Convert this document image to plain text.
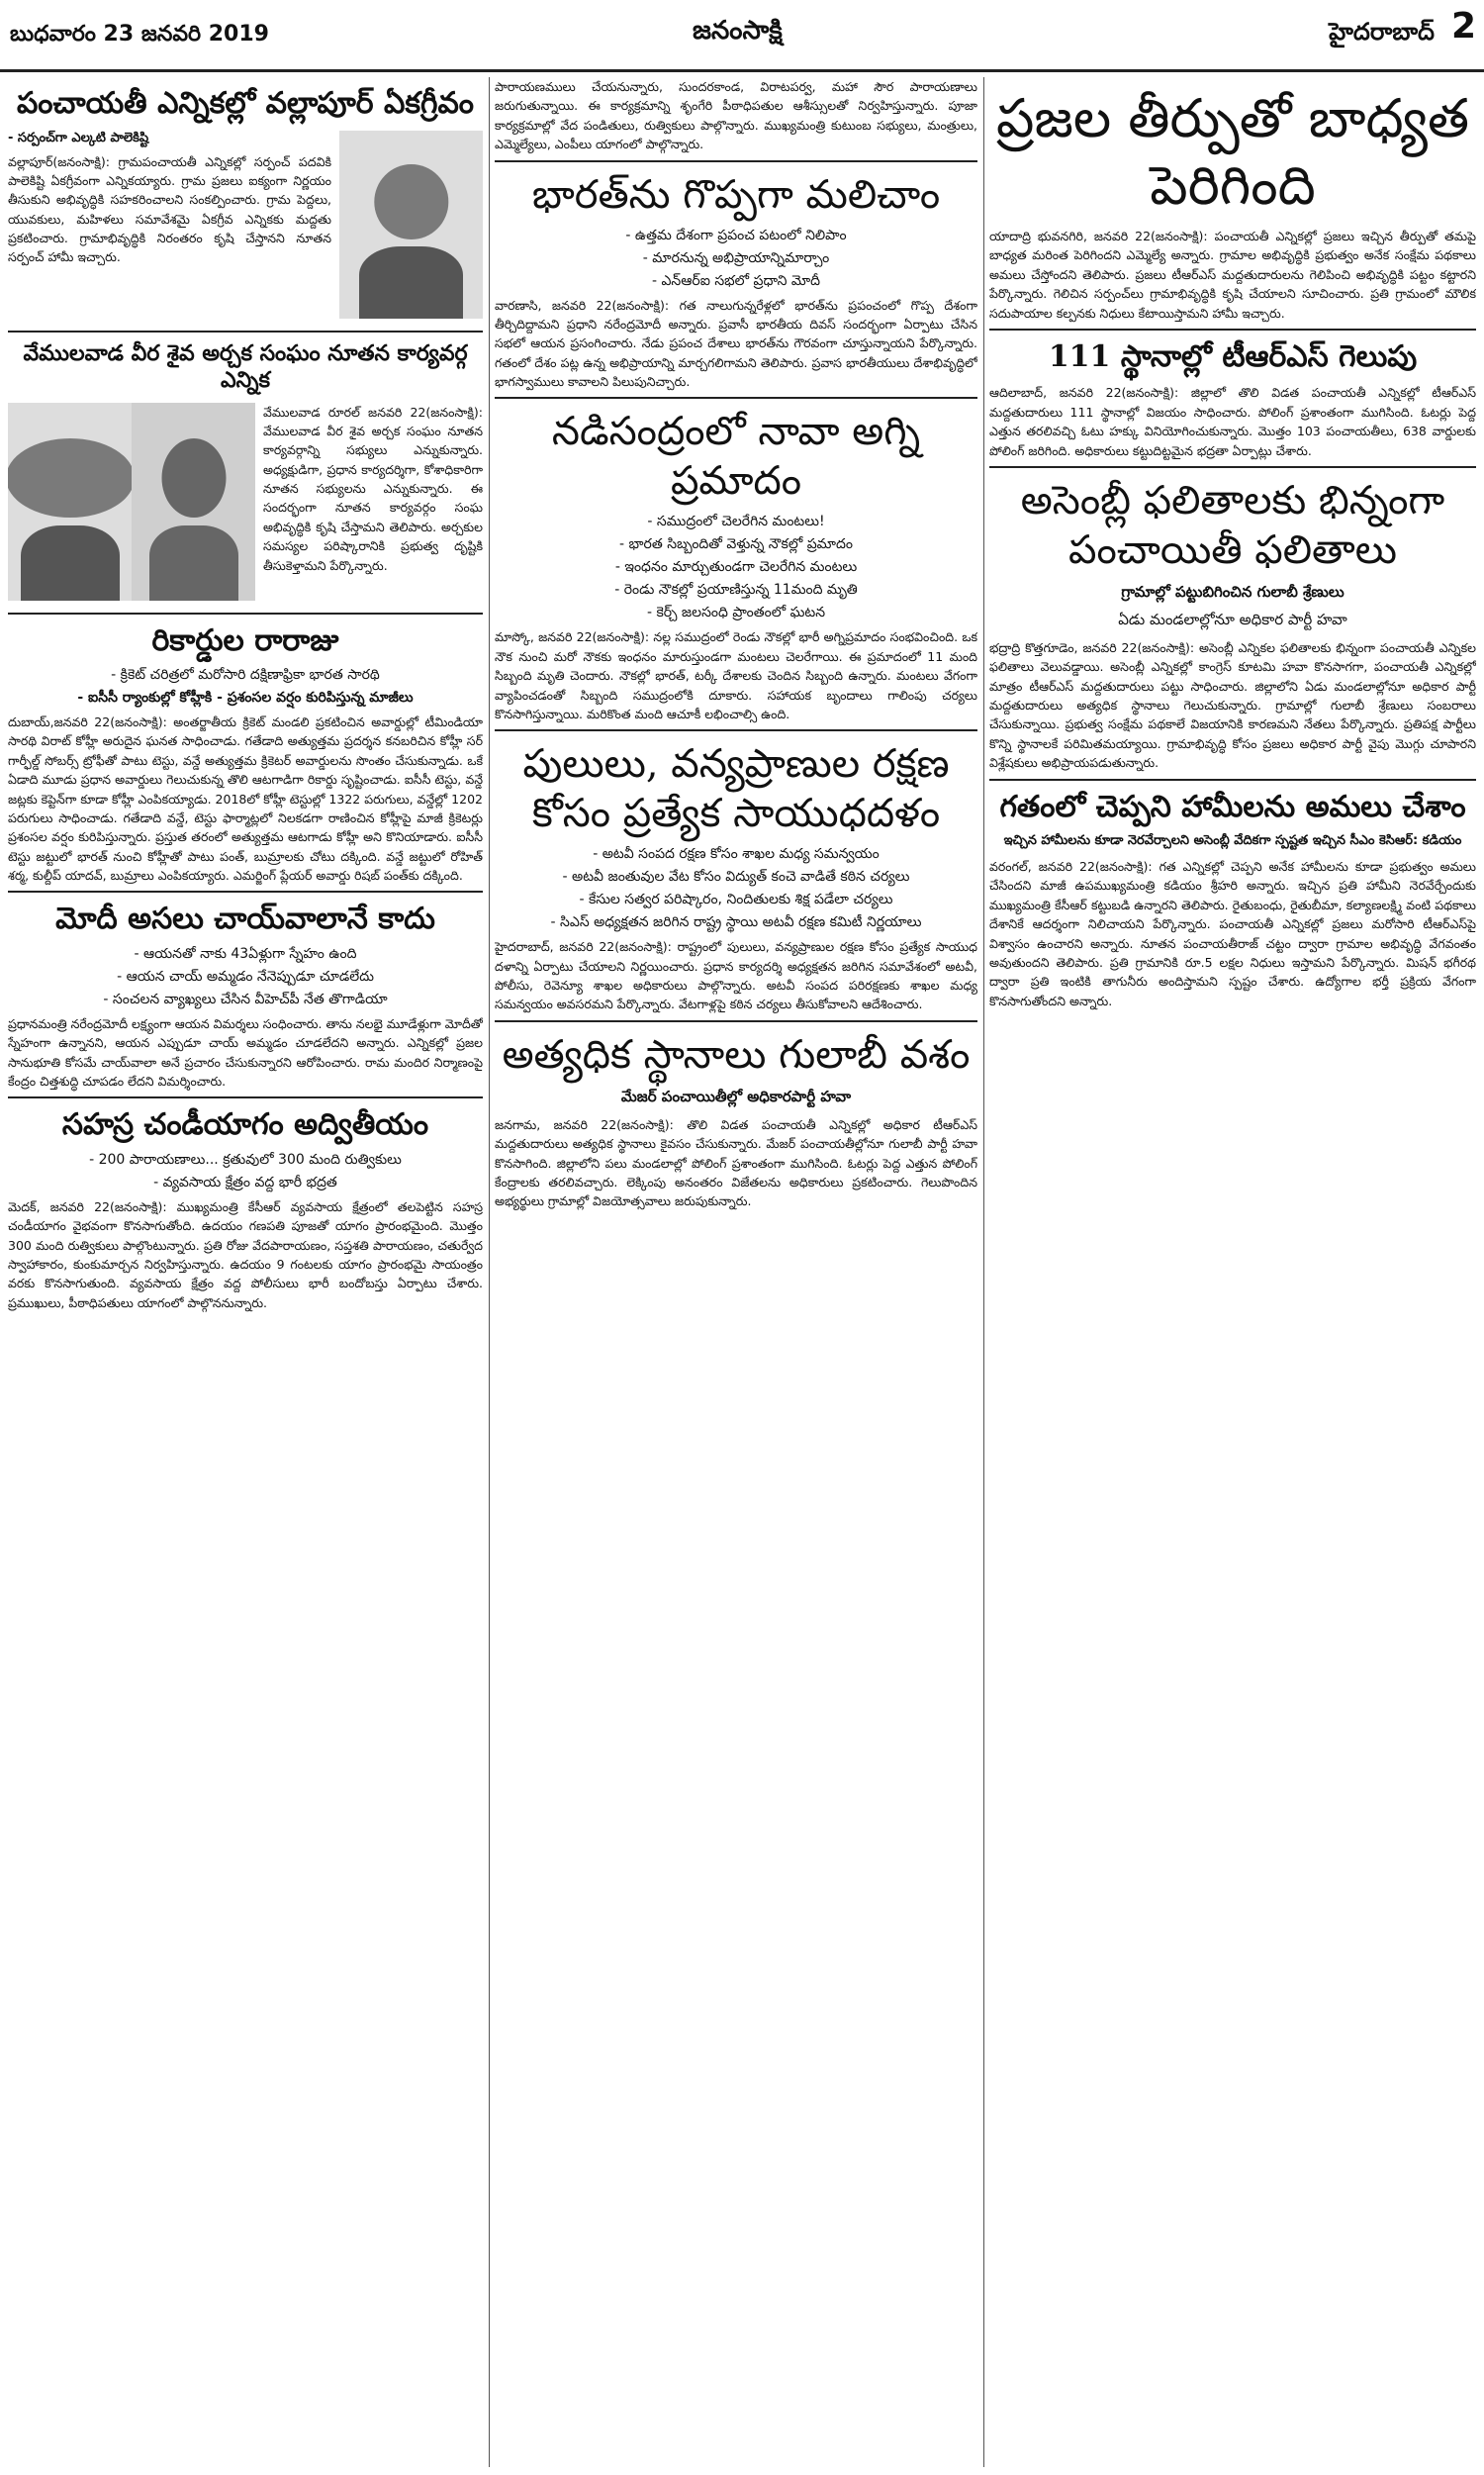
బుధవారం 23 జనవరి 2019	జనంసాక్షి	హైదరాబాద్ 2
పంచాయతీ ఎన్నికల్లో వల్లాపూర్ ఏకగ్రీవం
- సర్పంచ్‌గా ఎల్కటి పాలెకిష్టి

వల్లాపూర్(జనంసాక్షి): గ్రామపంచాయతీ ఎన్నికల్లో సర్పంచ్ పదవికి పాలెకిష్టి ఏకగ్రీవంగా ఎన్నికయ్యారు. గ్రామ ప్రజలు ఐక్యంగా నిర్ణయం తీసుకుని అభివృద్ధికి సహకరించాలని సంకల్పించారు. గ్రామ పెద్దలు, యువకులు, మహిళలు సమావేశమై ఏకగ్రీవ ఎన్నికకు మద్దతు ప్రకటించారు. గ్రామాభివృద్ధికి నిరంతరం కృషి చేస్తానని నూతన సర్పంచ్ హామీ ఇచ్చారు.

వేములవాడ వీర శైవ అర్చక సంఘం నూతన కార్యవర్గ ఎన్నిక

వేములవాడ రూరల్ జనవరి 22(జనంసాక్షి): వేములవాడ వీర శైవ అర్చక సంఘం నూతన కార్యవర్గాన్ని సభ్యులు ఎన్నుకున్నారు. అధ్యక్షుడిగా, ప్రధాన కార్యదర్శిగా, కోశాధికారిగా నూతన సభ్యులను ఎన్నుకున్నారు. ఈ సందర్భంగా నూతన కార్యవర్గం సంఘ అభివృద్ధికి కృషి చేస్తామని తెలిపారు. అర్చకుల సమస్యల పరిష్కారానికి ప్రభుత్వ దృష్టికి తీసుకెళ్తామని పేర్కొన్నారు.

రికార్డుల రారాజు
- క్రికెట్ చరిత్రలో మరోసారి దక్షిణాఫ్రికా భారత సారథి
- ఐసీసీ ర్యాంకుల్లో కోహ్లీకి - ప్రశంసల వర్షం కురిపిస్తున్న మాజీలు

దుబాయ్,జనవరి 22(జనంసాక్షి): అంతర్జాతీయ క్రికెట్ మండలి ప్రకటించిన అవార్డుల్లో టీమిండియా సారథి విరాట్ కోహ్లీ అరుదైన ఘనత సాధించాడు. గతేడాది అత్యుత్తమ ప్రదర్శన కనబరిచిన కోహ్లీ సర్ గార్ఫీల్డ్ సోబర్స్ ట్రోఫీతో పాటు టెస్టు, వన్డే అత్యుత్తమ క్రికెటర్ అవార్డులను సొంతం చేసుకున్నాడు. ఒకే ఏడాది మూడు ప్రధాన అవార్డులు గెలుచుకున్న తొలి ఆటగాడిగా రికార్డు సృష్టించాడు. ఐసీసీ టెస్టు, వన్డే జట్లకు కెప్టెన్‌గా కూడా కోహ్లీ ఎంపికయ్యాడు. 2018లో కోహ్లీ టెస్టుల్లో 1322 పరుగులు, వన్డేల్లో 1202 పరుగులు సాధించాడు. గతేడాది వన్డే, టెస్టు ఫార్మాట్లలో నిలకడగా రాణించిన కోహ్లీపై మాజీ క్రికెటర్లు ప్రశంసల వర్షం కురిపిస్తున్నారు. ప్రస్తుత తరంలో అత్యుత్తమ ఆటగాడు కోహ్లీ అని కొనియాడారు. ఐసీసీ టెస్టు జట్టులో భారత్ నుంచి కోహ్లీతో పాటు పంత్, బుమ్రాలకు చోటు దక్కింది. వన్డే జట్టులో రోహిత్ శర్మ, కుల్దీప్ యాదవ్, బుమ్రాలు ఎంపికయ్యారు. ఎమర్జింగ్ ప్లేయర్ అవార్డు రిషబ్ పంత్‌కు దక్కింది.

మోదీ అసలు చాయ్‌వాలానే కాదు
- ఆయనతో నాకు 43ఏళ్లుగా స్నేహం ఉంది
- ఆయన చాయ్ అమ్మడం నేనెప్పుడూ చూడలేదు
- సంచలన వ్యాఖ్యలు చేసిన వీహెచ్‌పీ నేత తొగాడియా

ప్రధానమంత్రి నరేంద్రమోదీ లక్ష్యంగా ఆయన విమర్శలు సంధించారు. తాను నలభై మూడేళ్లుగా మోదీతో స్నేహంగా ఉన్నానని, ఆయన ఎప్పుడూ చాయ్ అమ్మడం చూడలేదని అన్నారు. ఎన్నికల్లో ప్రజల సానుభూతి కోసమే చాయ్‌వాలా అనే ప్రచారం చేసుకున్నారని ఆరోపించారు. రామ మందిర నిర్మాణంపై కేంద్రం చిత్తశుద్ధి చూపడం లేదని విమర్శించారు.

సహస్ర చండీయాగం అద్వితీయం
- 200 పారాయణాలు... క్రతువులో 300 మంది రుత్వికులు
- వ్యవసాయ క్షేత్రం వద్ద భారీ భద్రత

మెదక్, జనవరి 22(జనంసాక్షి): ముఖ్యమంత్రి కేసీఆర్ వ్యవసాయ క్షేత్రంలో తలపెట్టిన సహస్ర చండీయాగం వైభవంగా కొనసాగుతోంది. ఉదయం గణపతి పూజతో యాగం ప్రారంభమైంది. మొత్తం 300 మంది రుత్వికులు పాల్గొంటున్నారు. ప్రతి రోజు వేదపారాయణం, సప్తశతి పారాయణం, చతుర్వేద స్వాహాకారం, కుంకుమార్చన నిర్వహిస్తున్నారు. ఉదయం 9 గంటలకు యాగం ప్రారంభమై సాయంత్రం వరకు కొనసాగుతుంది. వ్యవసాయ క్షేత్రం వద్ద పోలీసులు భారీ బందోబస్తు ఏర్పాటు చేశారు. ప్రముఖులు, పీఠాధిపతులు యాగంలో పాల్గొననున్నారు.

పారాయణములు చేయనున్నారు, సుందరకాండ, విరాటపర్వ, మహా సౌర పారాయణాలు జరుగుతున్నాయి. ఈ కార్యక్రమాన్ని శృంగేరి పీఠాధిపతుల ఆశీస్సులతో నిర్వహిస్తున్నారు. పూజా కార్యక్రమాల్లో వేద పండితులు, రుత్వికులు పాల్గొన్నారు. ముఖ్యమంత్రి కుటుంబ సభ్యులు, మంత్రులు, ఎమ్మెల్యేలు, ఎంపీలు యాగంలో పాల్గొన్నారు.

భారత్‌ను గొప్పగా మలిచాం
- ఉత్తమ దేశంగా ప్రపంచ పటంలో నిలిపాం
- మారనున్న అభిప్రాయాన్నిమార్చాం
- ఎన్‌ఆర్‌ఐ సభలో ప్రధాని మోదీ

వారణాసి, జనవరి 22(జనంసాక్షి): గత నాలుగున్నరేళ్లలో భారత్‌ను ప్రపంచంలో గొప్ప దేశంగా తీర్చిదిద్దామని ప్రధాని నరేంద్రమోదీ అన్నారు. ప్రవాసీ భారతీయ దివస్ సందర్భంగా ఏర్పాటు చేసిన సభలో ఆయన ప్రసంగించారు. నేడు ప్రపంచ దేశాలు భారత్‌ను గౌరవంగా చూస్తున్నాయని పేర్కొన్నారు. గతంలో దేశం పట్ల ఉన్న అభిప్రాయాన్ని మార్చగలిగామని తెలిపారు. ప్రవాస భారతీయులు దేశాభివృద్ధిలో భాగస్వాములు కావాలని పిలుపునిచ్చారు.

నడిసంద్రంలో నావా అగ్ని ప్రమాదం
- సముద్రంలో చెలరేగిన మంటలు!
- భారత సిబ్బందితో వెళ్తున్న నౌకల్లో ప్రమాదం
- ఇంధనం మార్చుతుండగా చెలరేగిన మంటలు
- రెండు నౌకల్లో ప్రయాణిస్తున్న 11మంది మృతి
- కెర్చ్ జలసంధి ప్రాంతంలో ఘటన

మాస్కో, జనవరి 22(జనంసాక్షి): నల్ల సముద్రంలో రెండు నౌకల్లో భారీ అగ్నిప్రమాదం సంభవించింది. ఒక నౌక నుంచి మరో నౌకకు ఇంధనం మారుస్తుండగా మంటలు చెలరేగాయి. ఈ ప్రమాదంలో 11 మంది సిబ్బంది మృతి చెందారు. నౌకల్లో భారత్, టర్కీ దేశాలకు చెందిన సిబ్బంది ఉన్నారు. మంటలు వేగంగా వ్యాపించడంతో సిబ్బంది సముద్రంలోకి దూకారు. సహాయక బృందాలు గాలింపు చర్యలు కొనసాగిస్తున్నాయి. మరికొంత మంది ఆచూకీ లభించాల్సి ఉంది.

పులులు, వన్యప్రాణుల రక్షణ కోసం ప్రత్యేక సాయుధదళం
- అటవీ సంపద రక్షణ కోసం శాఖల మధ్య సమన్వయం
- అటవీ జంతువుల వేట కోసం విద్యుత్ కంచె వాడితే కఠిన చర్యలు
- కేసుల సత్వర పరిష్కారం, నిందితులకు శిక్ష పడేలా చర్యలు
- సిఎస్ అధ్యక్షతన జరిగిన రాష్ట్ర స్థాయి అటవీ రక్షణ కమిటీ నిర్ణయాలు

హైదరాబాద్, జనవరి 22(జనంసాక్షి): రాష్ట్రంలో పులులు, వన్యప్రాణుల రక్షణ కోసం ప్రత్యేక సాయుధ దళాన్ని ఏర్పాటు చేయాలని నిర్ణయించారు. ప్రధాన కార్యదర్శి అధ్యక్షతన జరిగిన సమావేశంలో అటవీ, పోలీసు, రెవెన్యూ శాఖల అధికారులు పాల్గొన్నారు. అటవీ సంపద పరిరక్షణకు శాఖల మధ్య సమన్వయం అవసరమని పేర్కొన్నారు. వేటగాళ్లపై కఠిన చర్యలు తీసుకోవాలని ఆదేశించారు.

అత్యధిక స్థానాలు గులాబీ వశం
మేజర్ పంచాయితీల్లో అధికారపార్టీ హవా

జనగామ, జనవరి 22(జనంసాక్షి): తొలి విడత పంచాయతీ ఎన్నికల్లో అధికార టీఆర్‌ఎస్ మద్దతుదారులు అత్యధిక స్థానాలు కైవసం చేసుకున్నారు. మేజర్ పంచాయతీల్లోనూ గులాబీ పార్టీ హవా కొనసాగింది. జిల్లాలోని పలు మండలాల్లో పోలింగ్ ప్రశాంతంగా ముగిసింది. ఓటర్లు పెద్ద ఎత్తున పోలింగ్ కేంద్రాలకు తరలివచ్చారు. లెక్కింపు అనంతరం విజేతలను అధికారులు ప్రకటించారు. గెలుపొందిన అభ్యర్థులు గ్రామాల్లో విజయోత్సవాలు జరుపుకున్నారు.

ప్రజల తీర్పుతో బాధ్యత పెరిగింది

యాదాద్రి భువనగిరి, జనవరి 22(జనంసాక్షి): పంచాయతీ ఎన్నికల్లో ప్రజలు ఇచ్చిన తీర్పుతో తమపై బాధ్యత మరింత పెరిగిందని ఎమ్మెల్యే అన్నారు. గ్రామాల అభివృద్ధికి ప్రభుత్వం అనేక సంక్షేమ పథకాలు అమలు చేస్తోందని తెలిపారు. ప్రజలు టీఆర్‌ఎస్ మద్దతుదారులను గెలిపించి అభివృద్ధికి పట్టం కట్టారని పేర్కొన్నారు. గెలిచిన సర్పంచ్‌లు గ్రామాభివృద్ధికి కృషి చేయాలని సూచించారు. ప్రతి గ్రామంలో మౌలిక సదుపాయాల కల్పనకు నిధులు కేటాయిస్తామని హామీ ఇచ్చారు.

111 స్థానాల్లో టీఆర్ఎస్ గెలుపు

ఆదిలాబాద్, జనవరి 22(జనంసాక్షి): జిల్లాలో తొలి విడత పంచాయతీ ఎన్నికల్లో టీఆర్‌ఎస్ మద్దతుదారులు 111 స్థానాల్లో విజయం సాధించారు. పోలింగ్ ప్రశాంతంగా ముగిసింది. ఓటర్లు పెద్ద ఎత్తున తరలివచ్చి ఓటు హక్కు వినియోగించుకున్నారు. మొత్తం 103 పంచాయతీలు, 638 వార్డులకు పోలింగ్ జరిగింది. అధికారులు కట్టుదిట్టమైన భద్రతా ఏర్పాట్లు చేశారు.

అసెంబ్లీ ఫలితాలకు భిన్నంగా పంచాయితీ ఫలితాలు
గ్రామాల్లో పట్టుబిగించిన గులాబీ శ్రేణులు
ఏడు మండలాల్లోనూ అధికార పార్టీ హవా

భద్రాద్రి కొత్తగూడెం, జనవరి 22(జనంసాక్షి): అసెంబ్లీ ఎన్నికల ఫలితాలకు భిన్నంగా పంచాయతీ ఎన్నికల ఫలితాలు వెలువడ్డాయి. అసెంబ్లీ ఎన్నికల్లో కాంగ్రెస్ కూటమి హవా కొనసాగగా, పంచాయతీ ఎన్నికల్లో మాత్రం టీఆర్‌ఎస్ మద్దతుదారులు పట్టు సాధించారు. జిల్లాలోని ఏడు మండలాల్లోనూ అధికార పార్టీ మద్దతుదారులు అత్యధిక స్థానాలు గెలుచుకున్నారు. గ్రామాల్లో గులాబీ శ్రేణులు సంబరాలు చేసుకున్నాయి. ప్రభుత్వ సంక్షేమ పథకాలే విజయానికి కారణమని నేతలు పేర్కొన్నారు. ప్రతిపక్ష పార్టీలు కొన్ని స్థానాలకే పరిమితమయ్యాయి. గ్రామాభివృద్ధి కోసం ప్రజలు అధికార పార్టీ వైపు మొగ్గు చూపారని విశ్లేషకులు అభిప్రాయపడుతున్నారు.

గతంలో చెప్పని హామీలను అమలు చేశాం
ఇచ్చిన హామీలను కూడా నెరవేర్చాలని అసెంబ్లీ వేదికగా స్పష్టత ఇచ్చిన సీఎం కెసిఆర్: కడియం

వరంగల్, జనవరి 22(జనంసాక్షి): గత ఎన్నికల్లో చెప్పని అనేక హామీలను కూడా ప్రభుత్వం అమలు చేసిందని మాజీ ఉపముఖ్యమంత్రి కడియం శ్రీహరి అన్నారు. ఇచ్చిన ప్రతి హామీని నెరవేర్చేందుకు ముఖ్యమంత్రి కేసీఆర్ కట్టుబడి ఉన్నారని తెలిపారు. రైతుబంధు, రైతుబీమా, కల్యాణలక్ష్మి వంటి పథకాలు దేశానికే ఆదర్శంగా నిలిచాయని పేర్కొన్నారు. పంచాయతీ ఎన్నికల్లో ప్రజలు మరోసారి టీఆర్‌ఎస్‌పై విశ్వాసం ఉంచారని అన్నారు. నూతన పంచాయతీరాజ్ చట్టం ద్వారా గ్రామాల అభివృద్ధి వేగవంతం అవుతుందని తెలిపారు. ప్రతి గ్రామానికి రూ.5 లక్షల నిధులు ఇస్తామని పేర్కొన్నారు. మిషన్ భగీరథ ద్వారా ప్రతి ఇంటికి తాగునీరు అందిస్తామని స్పష్టం చేశారు. ఉద్యోగాల భర్తీ ప్రక్రియ వేగంగా కొనసాగుతోందని అన్నారు.
